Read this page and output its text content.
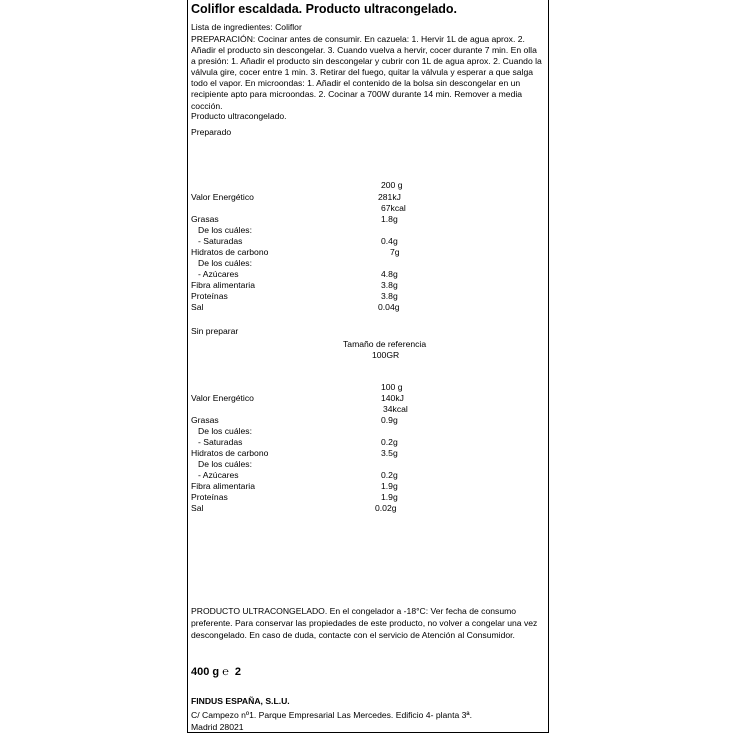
Coliflor escaldada. Producto ultracongelado.
Lista de ingredientes: Coliflor
PREPARACIÓN: Cocinar antes de consumir. En cazuela: 1. Hervir 1L de agua aprox. 2. Añadir el producto sin descongelar. 3. Cuando vuelva a hervir, cocer durante 7 min. En olla a presión: 1. Añadir el producto sin descongelar y cubrir con 1L de agua aprox. 2. Cuando la válvula gire, cocer entre 1 min. 3. Retirar del fuego, quitar la válvula y esperar a que salga todo el vapor. En microondas: 1. Añadir el contenido de la bolsa sin descongelar en un recipiente apto para microondas. 2. Cocinar a 700W durante 14 min. Remover a media cocción.
Producto ultracongelado.
Preparado
200 g
Valor Energético	281kJ
67kcal
Grasas	1.8g
De los cuáles:
- Saturadas	0.4g
Hidratos de carbono	7g
De los cuáles:
- Azúcares	4.8g
Fibra alimentaria	3.8g
Proteínas	3.8g
Sal	0.04g
Sin preparar
Tamaño de referencia
100GR
100 g
Valor Energético	140kJ
34kcal
Grasas	0.9g
De los cuáles:
- Saturadas	0.2g
Hidratos de carbono	3.5g
De los cuáles:
- Azúcares	0.2g
Fibra alimentaria	1.9g
Proteínas	1.9g
Sal	0.02g
PRODUCTO ULTRACONGELADO. En el congelador a -18°C: Ver fecha de consumo preferente. Para conservar las propiedades de este producto, no volver a congelar una vez descongelado. En caso de duda, contacte con el servicio de Atención al Consumidor.
400 g ℮ 2
FINDUS ESPAÑA, S.L.U.
C/ Campezo nº1. Parque Empresarial Las Mercedes. Edificio 4- planta 3ª.
Madrid 28021
